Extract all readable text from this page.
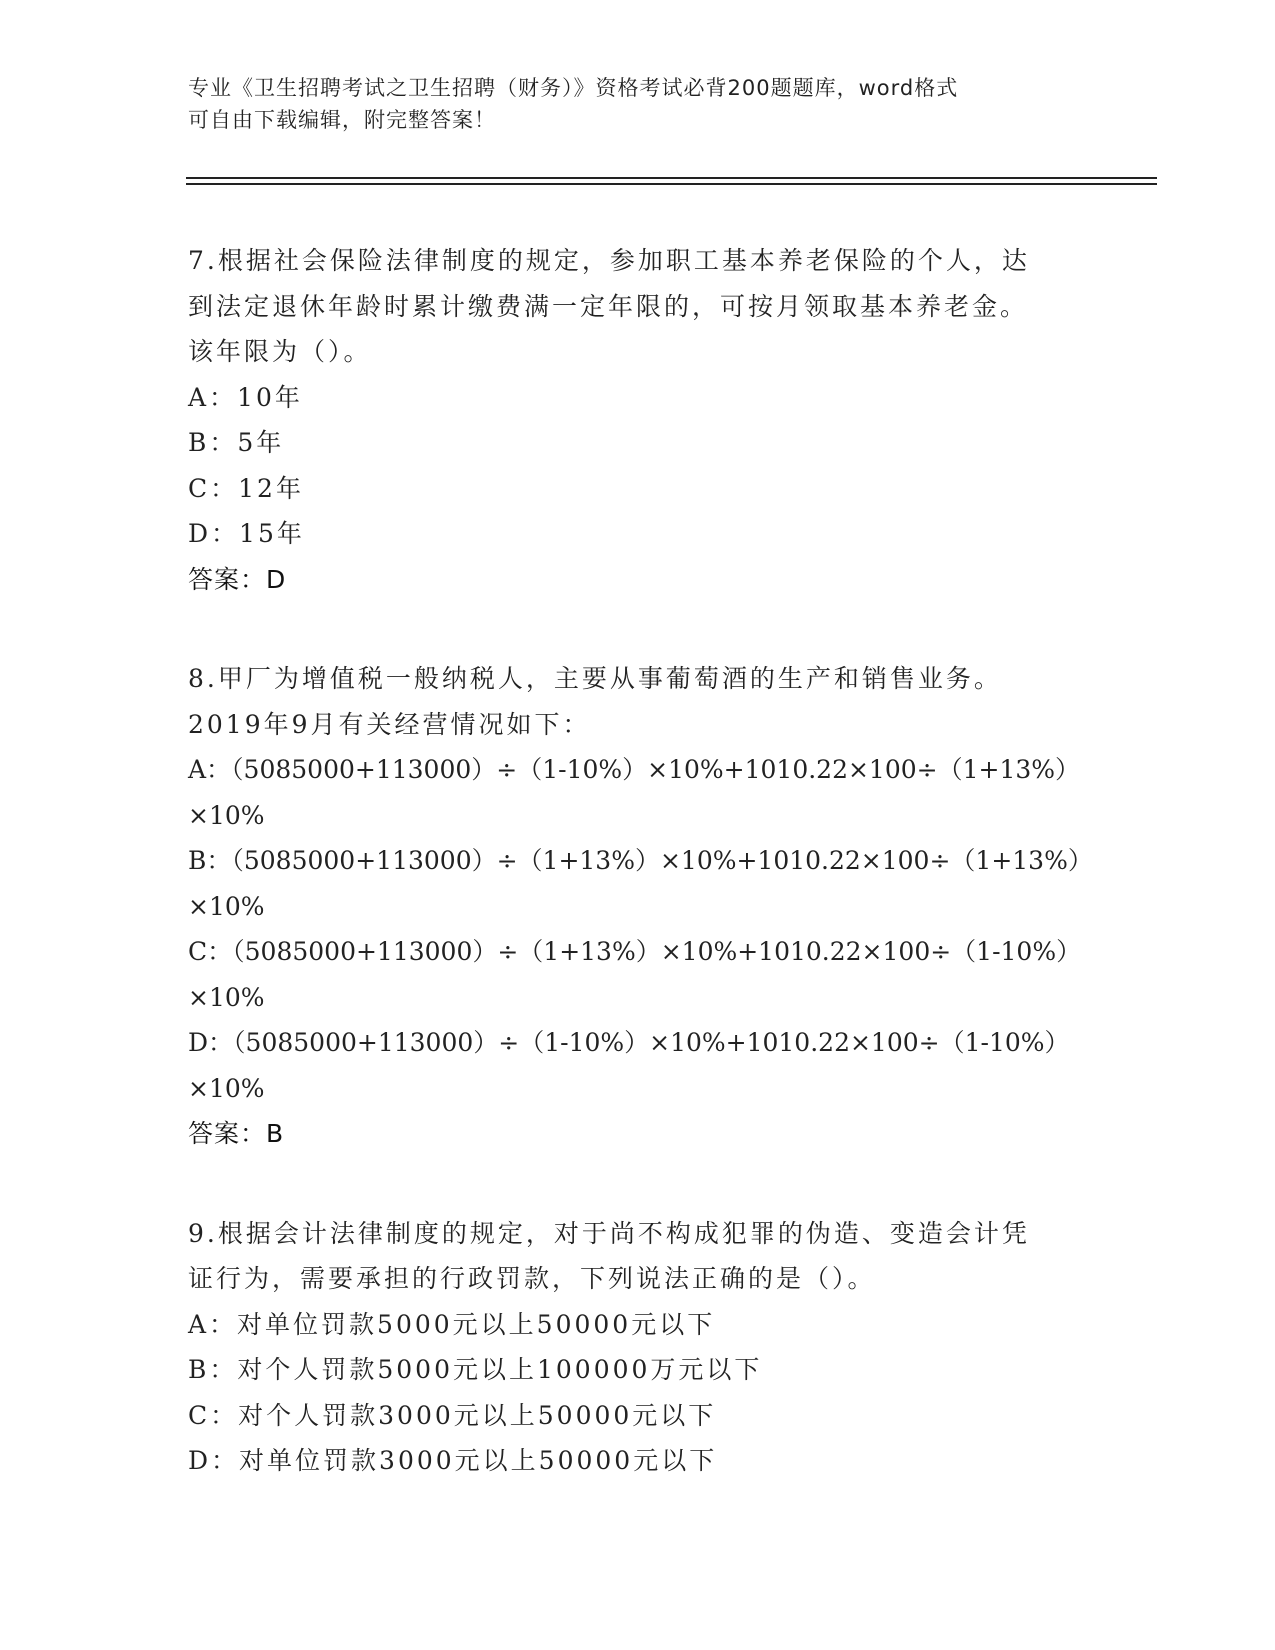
专业《卫生招聘考试之卫生招聘（财务）》资格考试必背200题题库，word格式

可自由下载编辑，附完整答案！

7.根据社会保险法律制度的规定，参加职工基本养老保险的个人，达

到法定退休年龄时累计缴费满一定年限的，可按月领取基本养老金。

该年限为（）。

A：10年

B：5年

C：12年

D：15年

答案：D

8.甲厂为增值税一般纳税人，主要从事葡萄酒的生产和销售业务。

2019年9月有关经营情况如下：

A：（5085000+113000）÷（1-10%）×10%+1010.22×100÷（1+13%）

×10%

B：（5085000+113000）÷（1+13%）×10%+1010.22×100÷（1+13%）

×10%

C：（5085000+113000）÷（1+13%）×10%+1010.22×100÷（1-10%）

×10%

D：（5085000+113000）÷（1-10%）×10%+1010.22×100÷（1-10%）

×10%

答案：B

9.根据会计法律制度的规定，对于尚不构成犯罪的伪造、变造会计凭

证行为，需要承担的行政罚款，下列说法正确的是（）。

A：对单位罚款5000元以上50000元以下

B：对个人罚款5000元以上100000万元以下

C：对个人罚款3000元以上50000元以下

D：对单位罚款3000元以上50000元以下
